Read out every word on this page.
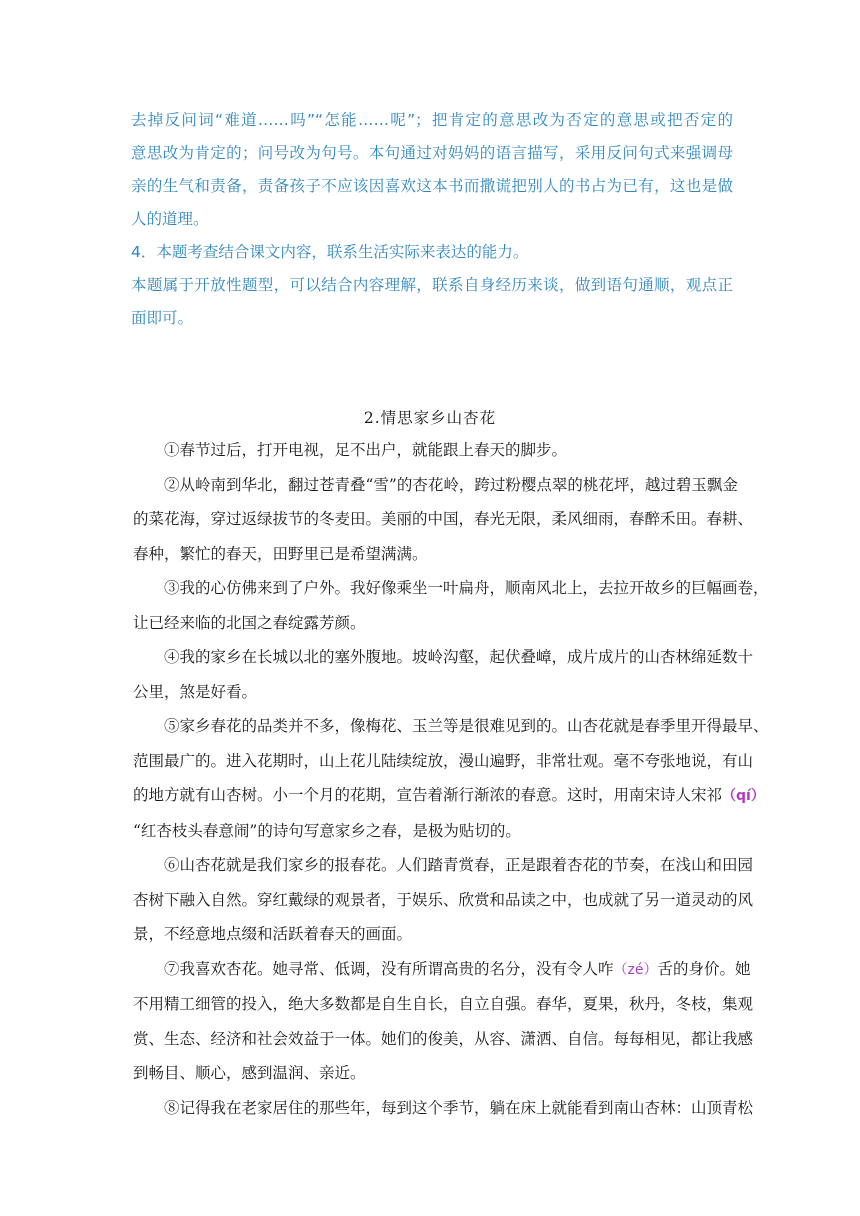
去掉反问词“难道……吗”“怎能……呢”；把肯定的意思改为否定的意思或把否定的
意思改为肯定的；问号改为句号。本句通过对妈妈的语言描写，采用反问句式来强调母
亲的生气和责备，责备孩子不应该因喜欢这本书而撒谎把别人的书占为已有，这也是做
人的道理。
4．本题考查结合课文内容，联系生活实际来表达的能力。
本题属于开放性题型，可以结合内容理解，联系自身经历来谈，做到语句通顺，观点正
面即可。
2.情思家乡山杏花
①春节过后，打开电视，足不出户，就能跟上春天的脚步。
②从岭南到华北，翻过苍青叠“雪”的杏花岭，跨过粉樱点翠的桃花坪，越过碧玉飘金
的菜花海，穿过返绿拔节的冬麦田。美丽的中国，春光无限，柔风细雨，春醉禾田。春耕、
春种，繁忙的春天，田野里已是希望满满。
③我的心仿佛来到了户外。我好像乘坐一叶扁舟，顺南风北上，去拉开故乡的巨幅画卷，
让已经来临的北国之春绽露芳颜。
④我的家乡在长城以北的塞外腹地。坡岭沟壑，起伏叠嶂，成片成片的山杏林绵延数十
公里，煞是好看。
⑤家乡春花的品类并不多，像梅花、玉兰等是很难见到的。山杏花就是春季里开得最早、
范围最广的。进入花期时，山上花儿陆续绽放，漫山遍野，非常壮观。毫不夸张地说，有山
的地方就有山杏树。小一个月的花期，宣告着渐行渐浓的春意。这时，用南宋诗人宋祁（qí）
“红杏枝头春意闹”的诗句写意家乡之春，是极为贴切的。
⑥山杏花就是我们家乡的报春花。人们踏青赏春，正是跟着杏花的节奏，在浅山和田园
杏树下融入自然。穿红戴绿的观景者，于娱乐、欣赏和品读之中，也成就了另一道灵动的风
景，不经意地点缀和活跃着春天的画面。
⑦我喜欢杏花。她寻常、低调，没有所谓高贵的名分，没有令人咋（zé）舌的身价。她
不用精工细管的投入，绝大多数都是自生自长，自立自强。春华，夏果，秋丹，冬枝，集观
赏、生态、经济和社会效益于一体。她们的俊美，从容、潇洒、自信。每每相见，都让我感
到畅目、顺心，感到温润、亲近。
⑧记得我在老家居住的那些年，每到这个季节，躺在床上就能看到南山杏林：山顶青松
